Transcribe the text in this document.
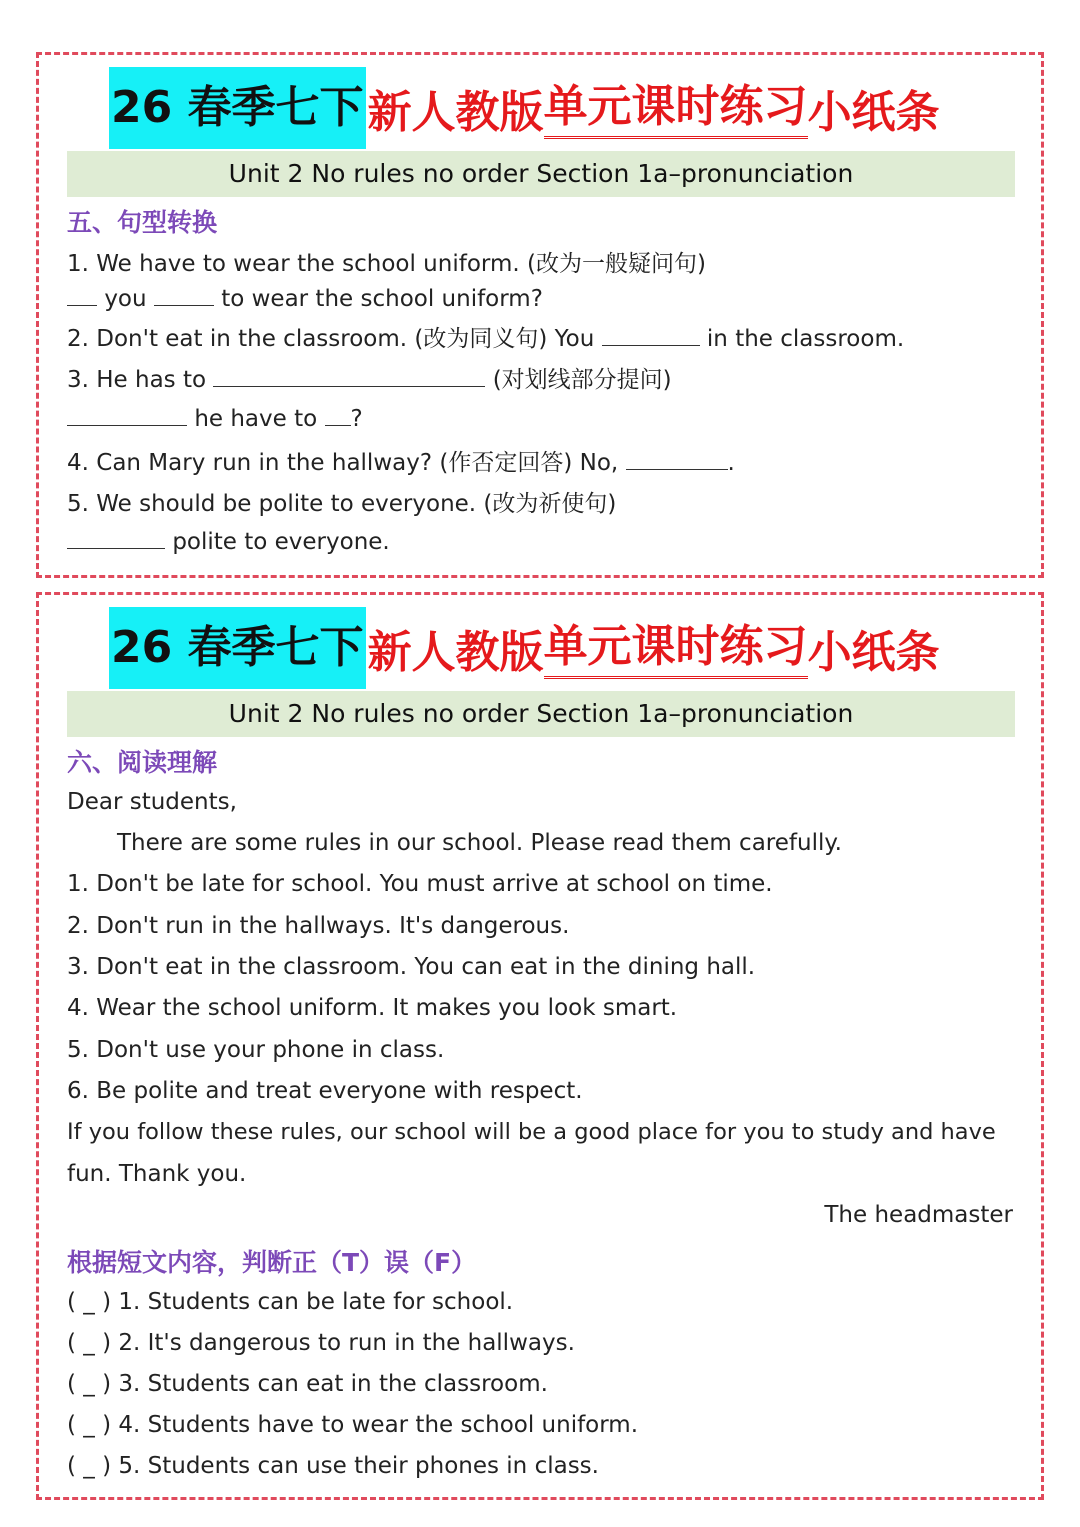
26 春季七下 新人教版 单元课时练习 小纸条
Unit 2 No rules no order Section 1a–pronunciation
五、句型转换
1. We have to wear the school uniform. (改为一般疑问句)
you	to wear the school uniform?
2. Don't eat in the classroom. (改为同义句) You	in the classroom.
3. He has to	(对划线部分提问)
he have to ?
4. Can Mary run in the hallway? (作否定回答) No,	.
5. We should be polite to everyone. (改为祈使句)
polite to everyone.
26 春季七下 新人教版 单元课时练习 小纸条
Unit 2 No rules no order Section 1a–pronunciation
六、阅读理解
Dear students,
There are some rules in our school. Please read them carefully.
1. Don't be late for school. You must arrive at school on time.
2. Don't run in the hallways. It's dangerous.
3. Don't eat in the classroom. You can eat in the dining hall.
4. Wear the school uniform. It makes you look smart.
5. Don't use your phone in class.
6. Be polite and treat everyone with respect.
If you follow these rules, our school will be a good place for you to study and have
fun. Thank you.
The headmaster
根据短文内容，判断正（T）误（F）
( _ ) 1. Students can be late for school.
( _ ) 2. It's dangerous to run in the hallways.
( _ ) 3. Students can eat in the classroom.
( _ ) 4. Students have to wear the school uniform.
( _ ) 5. Students can use their phones in class.
